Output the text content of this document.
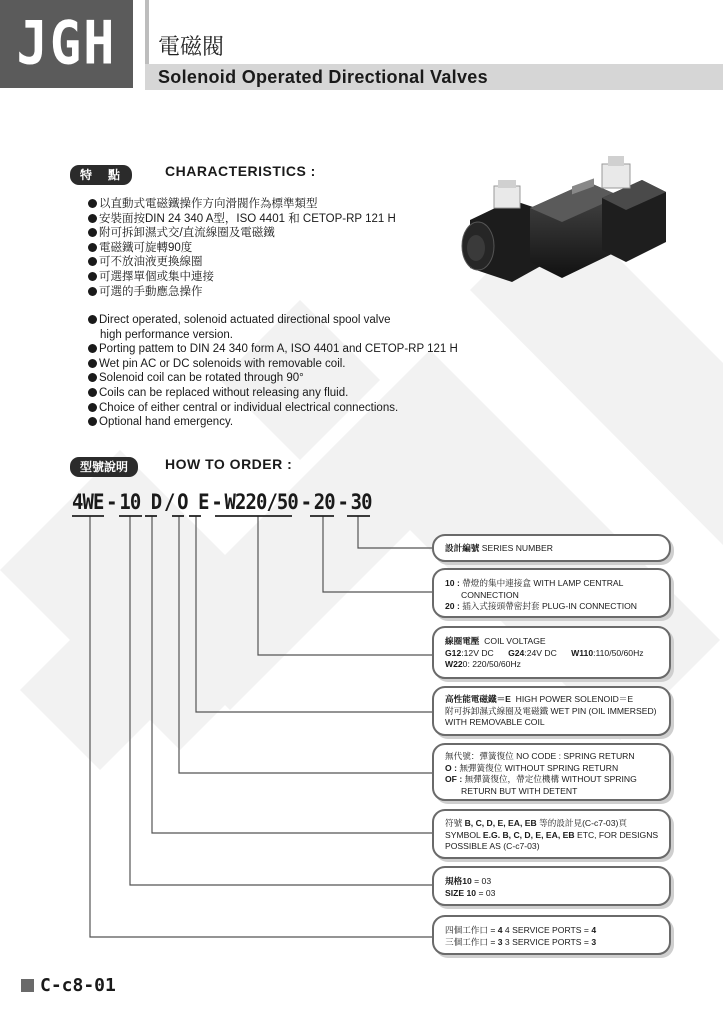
JGH	電磁閥
Solenoid Operated Directional Valves
特　點	CHARACTERISTICS :
以直動式電磁鐵操作方向滑閥作為標準類型
安裝面按DIN 24 340 A型，ISO 4401 和 CETOP-RP 121 H
附可拆卸濕式交/直流線圈及電磁鐵
電磁鐵可旋轉90度
可不放油液更換線圈
可選擇單個或集中連接
可選的手動應急操作
Direct operated, solenoid actuated directional spool valve
high performance version.
Porting pattem to DIN 24 340 form A, ISO 4401 and CETOP-RP 121 H
Wet pin AC or DC solenoids with removable coil.
Solenoid coil can be rotated through 90°
Coils can be replaced without releasing any fluid.
Choice of either central or individual electrical connections.
Optional hand emergency.
型號說明	HOW TO ORDER :
4WE - 10 D / O E - W220/50 - 20 - 30
設計編號 SERIES NUMBER
10 : 帶燈的集中連接盒 WITH LAMP CENTRAL
CONNECTION
20 : 插入式接頭帶密封套 PLUG-IN CONNECTION
線圈電壓 COIL VOLTAGE
G12:12V DC G24:24V DC W110:110/50/60Hz
W220: 220/50/60Hz
高性能電磁鐵＝E HIGH POWER SOLENOID＝E
附可拆卸濕式線圈及電磁鐵 WET PIN (OIL IMMERSED)
WITH REMOVABLE COIL
無代號：彈簧復位 NO CODE : SPRING RETURN
O : 無彈簧復位 WITHOUT SPRING RETURN
OF : 無彈簧復位，帶定位機構 WITHOUT SPRING
RETURN BUT WITH DETENT
符號 B, C, D, E, EA, EB 等的設計見(C-c7-03)頁
SYMBOL E.G. B, C, D, E, EA, EB ETC, FOR DESIGNS
POSSIBLE AS (C-c7-03)
規格10 = 03
SIZE 10 = 03
四個工作口 = 4 4 SERVICE PORTS = 4
三個工作口 = 3 3 SERVICE PORTS = 3
C-c8-01
